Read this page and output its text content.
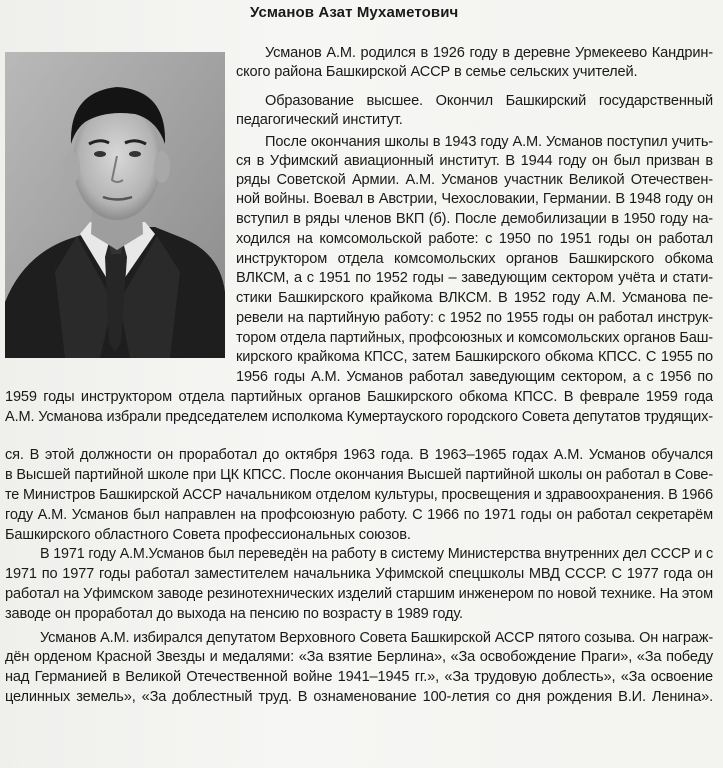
Усманов Азат Мухаметович
Усманов А.М. родился в 1926 году в деревне Урмекеево Кандрин-
ского района Башкирской АССР в семье сельских учителей.
Образование высшее. Окончил Башкирский государственный
педагогический институт.
После окончания школы в 1943 году А.М. Усманов поступил учить-
ся в Уфимский авиационный институт. В 1944 году он был призван в
ряды Советской Армии. А.М. Усманов участник Великой Отечествен-
ной войны. Воевал в Австрии, Чехословакии, Германии. В 1948 году он
вступил в ряды членов ВКП (б). После демобилизации в 1950 году на-
ходился на комсомольской работе: с 1950 по 1951 годы он работал
инструктором отдела комсомольских органов Башкирского обкома
ВЛКСМ, а с 1951 по 1952 годы – заведующим сектором учёта и стати-
стики Башкирского крайкома ВЛКСМ. В 1952 году А.М. Усманова пе-
ревели на партийную работу: с 1952 по 1955 годы он работал инструк-
тором отдела партийных, профсоюзных и комсомольских органов Баш-
кирского крайкома КПСС, затем Башкирского обкома КПСС. С 1955 по
1956 годы А.М. Усманов работал заведующим сектором, а с 1956 по
1959 годы инструктором отдела партийных органов Башкирского обкома КПСС. В феврале 1959 года
А.М. Усманова избрали председателем исполкома Кумертауского городского Совета депутатов трудящих-
ся. В этой должности он проработал до октября 1963 года. В 1963–1965 годах А.М. Усманов обучался
в Высшей партийной школе при ЦК КПСС. После окончания Высшей партийной школы он работал в Сове-
те Министров Башкирской АССР начальником отделом культуры, просвещения и здравоохранения. В 1966
году А.М. Усманов был направлен на профсоюзную работу. С 1966 по 1971 годы он работал секретарём
Башкирского областного Совета профессиональных союзов.
В 1971 году А.М.Усманов был переведён на работу в систему Министерства внутренних дел СССР и с
1971 по 1977 годы работал заместителем начальника Уфимской спецшколы МВД СССР. С 1977 года он
работал на Уфимском заводе резинотехнических изделий старшим инженером по новой технике. На этом
заводе он проработал до выхода на пенсию по возрасту в 1989 году.
Усманов А.М. избирался депутатом Верховного Совета Башкирской АССР пятого созыва. Он награж-
дён орденом Красной Звезды и медалями: «За взятие Берлина», «За освобождение Праги», «За победу
над Германией в Великой Отечественной войне 1941–1945 гг.», «За трудовую доблесть», «За освоение
целинных земель», «За доблестный труд. В ознаменование 100-летия со дня рождения В.И. Ленина».
